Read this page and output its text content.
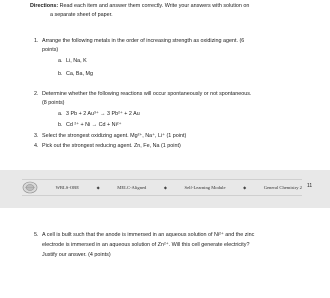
Directions: Read each item and answer them correctly. Write your answers with solution on
a separate sheet of paper.
1. Arrange the following metals in the order of increasing strength as oxidizing agent. (6
points)
a. Li, Na, K
b. Ca, Ba, Mg
2. Determine whether the following reactions will occur spontaneously or not spontaneous.
(8 points)
a. 3 Pb + 2 Au³⁺ → 3 Pb²⁺ + 2 Au
b. Cd ²⁺ + Ni → Cd + Ni²⁺
3. Select the strongest oxidizing agent. Mg²⁺, Na⁺, Li⁺ (1 point)
4. Pick out the strongest reducing agent. Zn, Fe, Na (1 point)
WBLS-OBE	◆	MELC-Aligned	◆	Self-Learning Module	◆	General Chemistry 2 11
5. A cell is built such that the anode is immersed in an aqueous solution of Ni²⁺ and the zinc
electrode is immersed in an aqueous solution of Zn²⁺. Will this cell generate electricity?
Justify our answer. (4 points)
